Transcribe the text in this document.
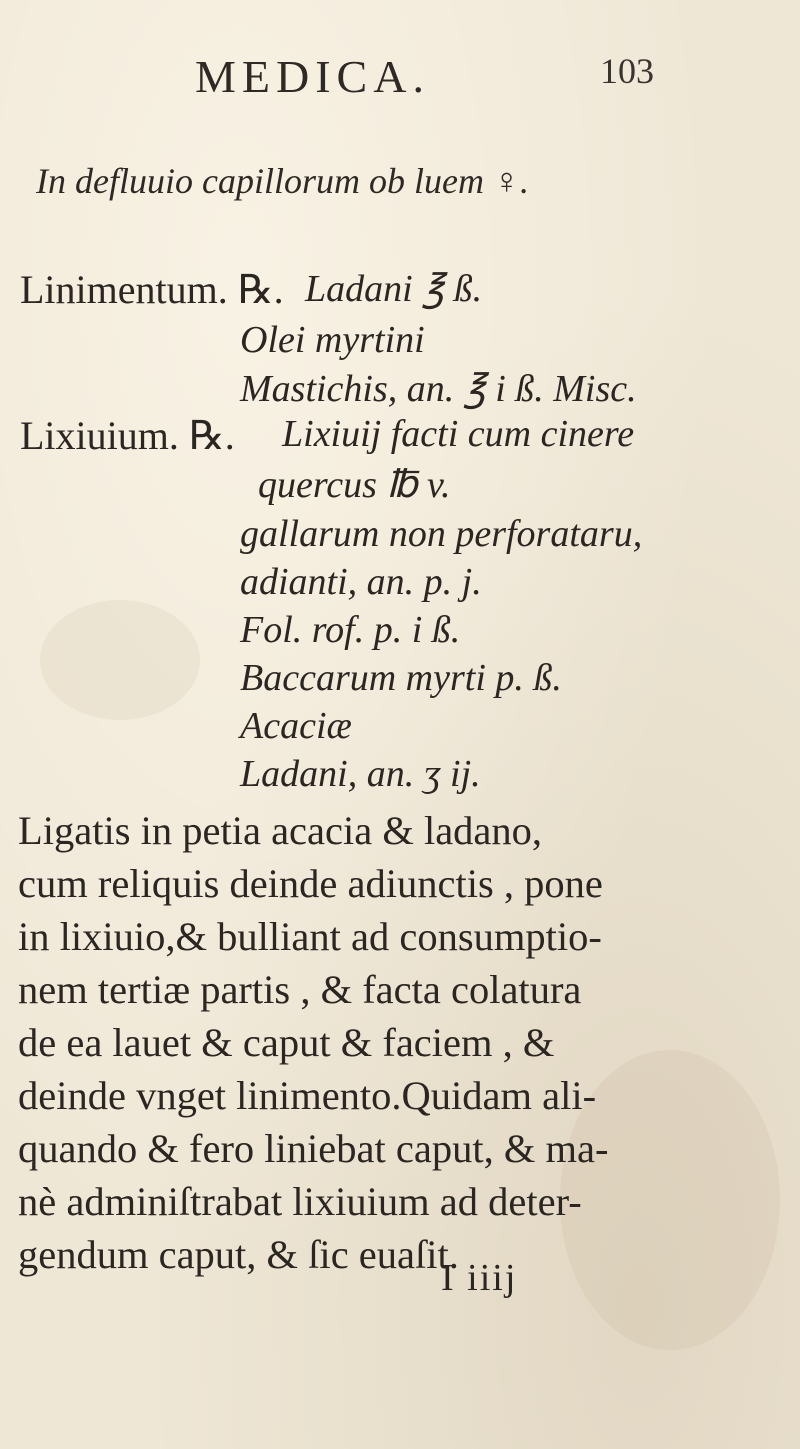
MEDICA.	103
In defluuio capillorum ob luem ♀.
Linimentum. ℞. Ladani ℥ ß.
Olei myrtini
Mastichis, an. ℥ i ß. Misc.
Lixiuium. ℞. Lixiuij facti cum cinere
quercus ℔ v.
gallarum non perforataru,
adianti, an. p. j.
Fol. rof. p. i ß.
Baccarum myrti p. ß.
Acaciæ
Ladani, an. ʒ ij.
Ligatis in petia acacia & ladano,
cum reliquis deinde adiunctis , pone
in lixiuio,& bulliant ad consumptio-
nem tertiæ partis , & facta colatura
de ea lauet & caput & faciem , &
deinde vnget linimento.Quidam ali-
quando & fero liniebat caput, & ma-
nè adminiſtrabat lixiuium ad deter-
gendum caput, & ſic euaſit.
I iiij
